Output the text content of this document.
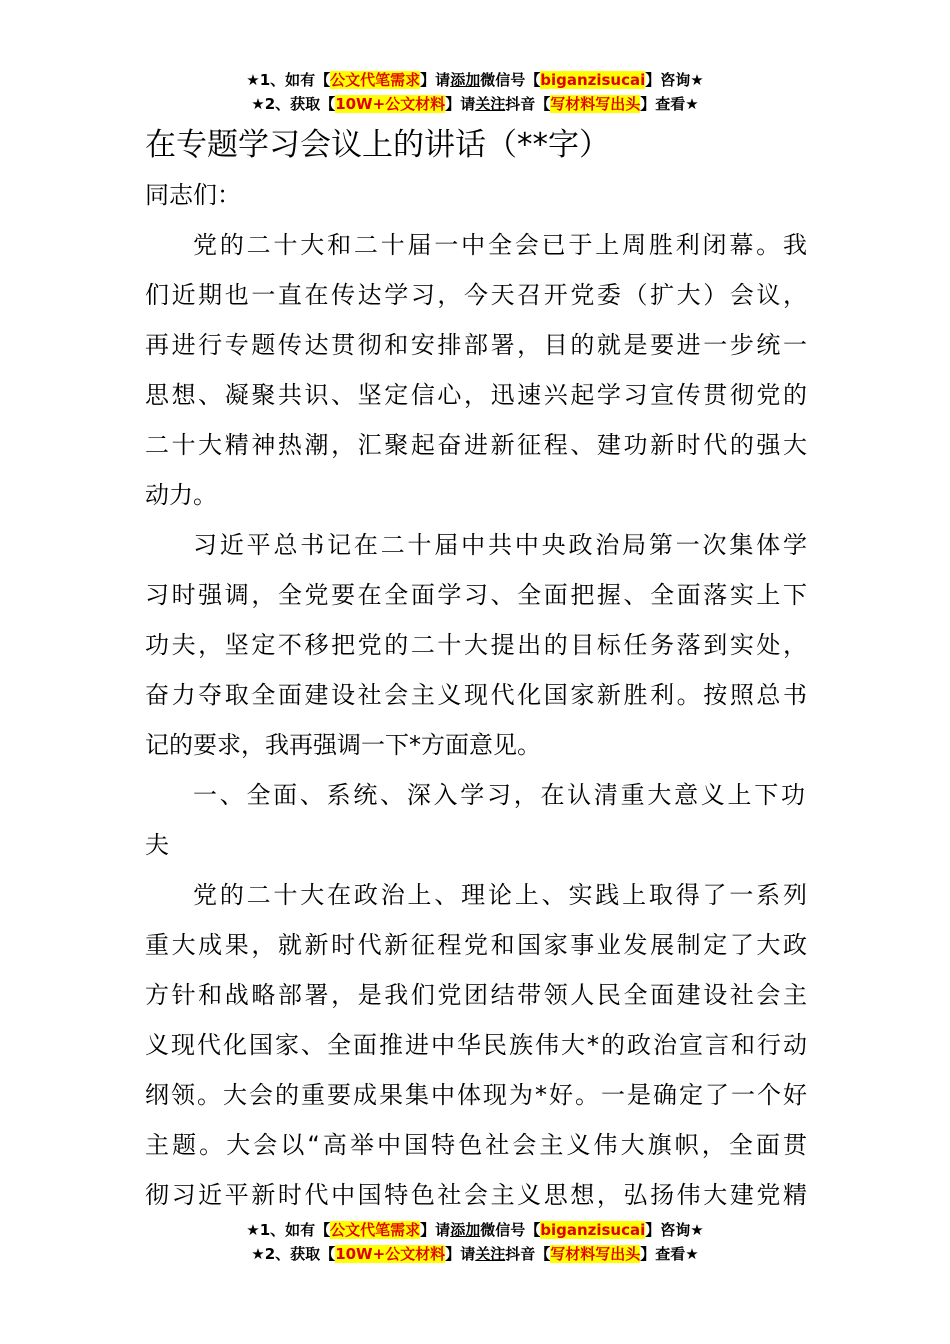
★1、如有【公文代笔需求】请添加微信号【biganzisucai】咨询★
★2、获取【10W+公文材料】请关注抖音【写材料写出头】查看★
在专题学习会议上的讲话（**字）
同志们：
党的二十大和二十届一中全会已于上周胜利闭幕。我
们近期也一直在传达学习，今天召开党委（扩大）会议，
再进行专题传达贯彻和安排部署，目的就是要进一步统一
思想、凝聚共识、坚定信心，迅速兴起学习宣传贯彻党的
二十大精神热潮，汇聚起奋进新征程、建功新时代的强大
动力。
习近平总书记在二十届中共中央政治局第一次集体学
习时强调，全党要在全面学习、全面把握、全面落实上下
功夫，坚定不移把党的二十大提出的目标任务落到实处，
奋力夺取全面建设社会主义现代化国家新胜利。按照总书
记的要求，我再强调一下*方面意见。
一、全面、系统、深入学习，在认清重大意义上下功
夫
党的二十大在政治上、理论上、实践上取得了一系列
重大成果，就新时代新征程党和国家事业发展制定了大政
方针和战略部署，是我们党团结带领人民全面建设社会主
义现代化国家、全面推进中华民族伟大*的政治宣言和行动
纲领。大会的重要成果集中体现为*好。一是确定了一个好
主题。大会以“高举中国特色社会主义伟大旗帜，全面贯
彻习近平新时代中国特色社会主义思想，弘扬伟大建党精
★1、如有【公文代笔需求】请添加微信号【biganzisucai】咨询★
★2、获取【10W+公文材料】请关注抖音【写材料写出头】查看★
